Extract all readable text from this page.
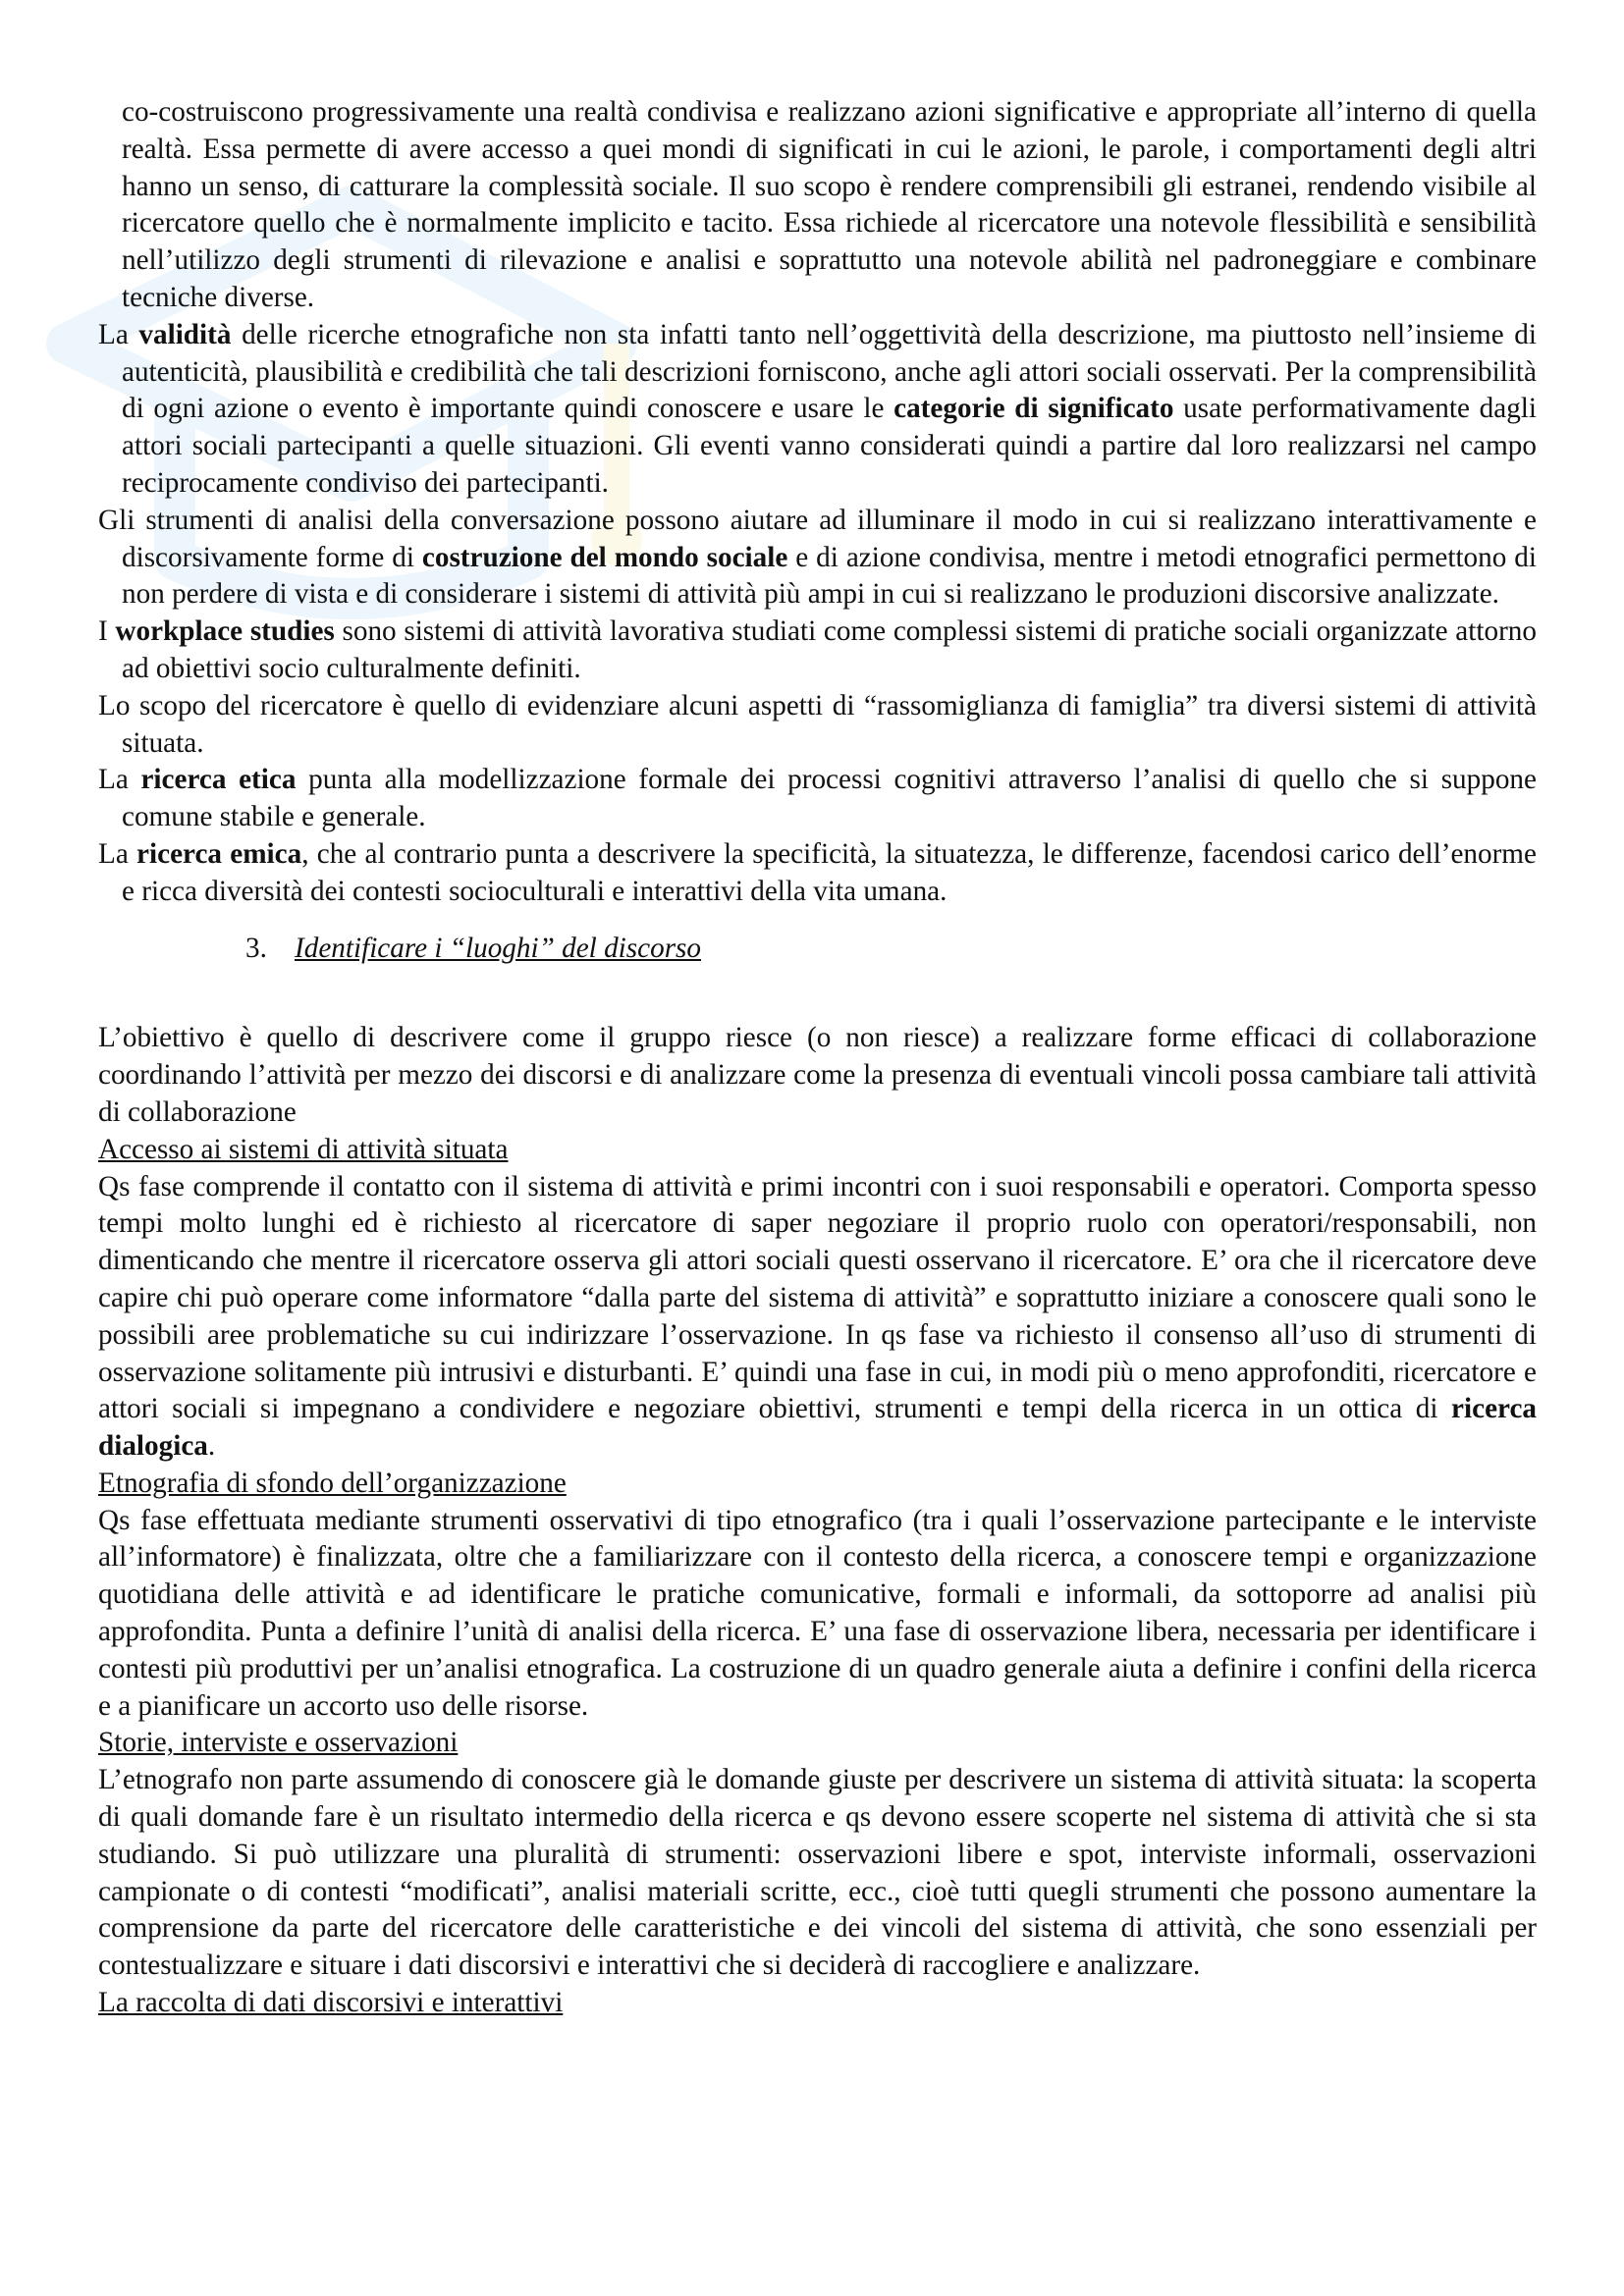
co-costruiscono progressivamente una realtà condivisa e realizzano azioni significative e appropriate all’interno di quella realtà. Essa permette di avere accesso a quei mondi di significati in cui le azioni, le parole, i comportamenti degli altri hanno un senso, di catturare la complessità sociale. Il suo scopo è rendere comprensibili gli estranei, rendendo visibile al ricercatore quello che è normalmente implicito e tacito. Essa richiede al ricercatore una notevole flessibilità e sensibilità nell’utilizzo degli strumenti di rilevazione e analisi e soprattutto una notevole abilità nel padroneggiare e combinare tecniche diverse.

La validità delle ricerche etnografiche non sta infatti tanto nell’oggettività della descrizione, ma piuttosto nell’insieme di autenticità, plausibilità e credibilità che tali descrizioni forniscono, anche agli attori sociali osservati. Per la comprensibilità di ogni azione o evento è importante quindi conoscere e usare le categorie di significato usate performativamente dagli attori sociali partecipanti a quelle situazioni. Gli eventi vanno considerati quindi a partire dal loro realizzarsi nel campo reciprocamente condiviso dei partecipanti.

Gli strumenti di analisi della conversazione possono aiutare ad illuminare il modo in cui si realizzano interattivamente e discorsivamente forme di costruzione del mondo sociale e di azione condivisa, mentre i metodi etnografici permettono di non perdere di vista e di considerare i sistemi di attività più ampi in cui si realizzano le produzioni discorsive analizzate.

I workplace studies sono sistemi di attività lavorativa studiati come complessi sistemi di pratiche sociali organizzate attorno ad obiettivi socio culturalmente definiti.

Lo scopo del ricercatore è quello di evidenziare alcuni aspetti di “rassomiglianza di famiglia” tra diversi sistemi di attività situata.

La ricerca etica punta alla modellizzazione formale dei processi cognitivi attraverso l’analisi di quello che si suppone comune stabile e generale.

La ricerca emica, che al contrario punta a descrivere la specificità, la situatezza, le differenze, facendosi carico dell’enorme e ricca diversità dei contesti socioculturali e interattivi della vita umana.

3. Identificare i “luoghi” del discorso

L’obiettivo è quello di descrivere come il gruppo riesce (o non riesce) a realizzare forme efficaci di collaborazione coordinando l’attività per mezzo dei discorsi e di analizzare come la presenza di eventuali vincoli possa cambiare tali attività di collaborazione

Accesso ai sistemi di attività situata

Qs fase comprende il contatto con il sistema di attività e primi incontri con i suoi responsabili e operatori. Comporta spesso tempi molto lunghi ed è richiesto al ricercatore di saper negoziare il proprio ruolo con operatori/responsabili, non dimenticando che mentre il ricercatore osserva gli attori sociali questi osservano il ricercatore. E’ ora che il ricercatore deve capire chi può operare come informatore “dalla parte del sistema di attività” e soprattutto iniziare a conoscere quali sono le possibili aree problematiche su cui indirizzare l’osservazione. In qs fase va richiesto il consenso all’uso di strumenti di osservazione solitamente più intrusivi e disturbanti. E’ quindi una fase in cui, in modi più o meno approfonditi, ricercatore e attori sociali si impegnano a condividere e negoziare obiettivi, strumenti e tempi della ricerca in un ottica di ricerca dialogica.

Etnografia di sfondo dell’organizzazione

Qs fase effettuata mediante strumenti osservativi di tipo etnografico (tra i quali l’osservazione partecipante e le interviste all’informatore) è finalizzata, oltre che a familiarizzare con il contesto della ricerca, a conoscere tempi e organizzazione quotidiana delle attività e ad identificare le pratiche comunicative, formali e informali, da sottoporre ad analisi più approfondita. Punta a definire l’unità di analisi della ricerca. E’ una fase di osservazione libera, necessaria per identificare i contesti più produttivi per un’analisi etnografica. La costruzione di un quadro generale aiuta a definire i confini della ricerca e a pianificare un accorto uso delle risorse.

Storie, interviste e osservazioni

L’etnografo non parte assumendo di conoscere già le domande giuste per descrivere un sistema di attività situata: la scoperta di quali domande fare è un risultato intermedio della ricerca e qs devono essere scoperte nel sistema di attività che si sta studiando. Si può utilizzare una pluralità di strumenti: osservazioni libere e spot, interviste informali, osservazioni campionate o di contesti “modificati”, analisi materiali scritte, ecc., cioè tutti quegli strumenti che possono aumentare la comprensione da parte del ricercatore delle caratteristiche e dei vincoli del sistema di attività, che sono essenziali per contestualizzare e situare i dati discorsivi e interattivi che si deciderà di raccogliere e analizzare.

La raccolta di dati discorsivi e interattivi
